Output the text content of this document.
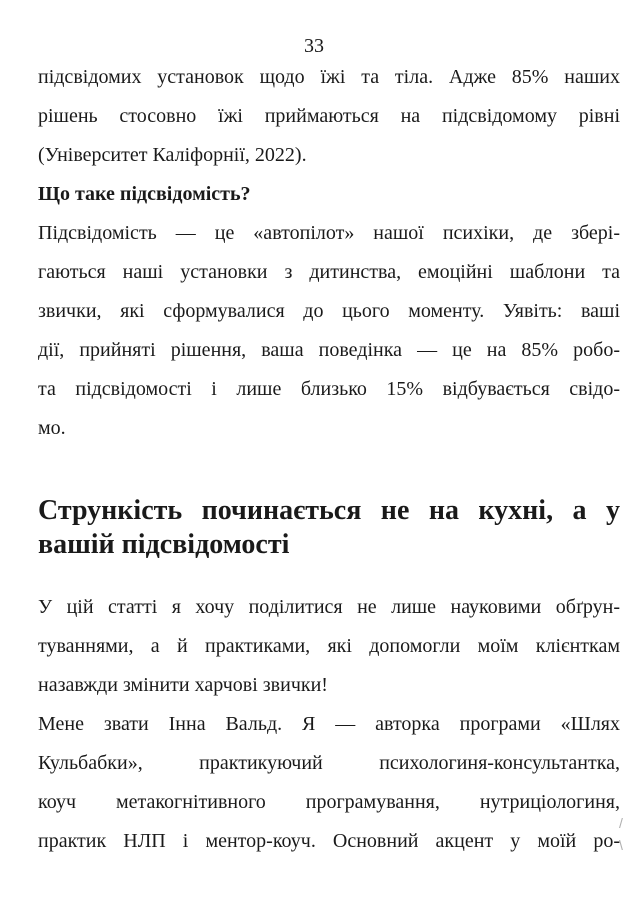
33

підсвідомих установок щодо їжі та тіла. Адже 85% наших

рішень стосовно їжі приймаються на підсвідомому рівні

(Університет Каліфорнії, 2022).

Що таке підсвідомість?

Підсвідомість — це «автопілот» нашої психіки, де збері-

гаються наші установки з дитинства, емоційні шаблони та

звички, які сформувалися до цього моменту. Уявіть: ваші

дії, прийняті рішення, ваша поведінка — це на 85% робо-

та підсвідомості і лише близько 15% відбувається свідо-

мо.

Стрункість починається не на кухні, а у
вашій підсвідомості

У цій статті я хочу поділитися не лише науковими обґрун-

туваннями, а й практиками, які допомогли моїм клієнткам

назавжди змінити харчові звички!

Мене звати Інна Вальд. Я — авторка програми «Шлях

Кульбабки», практикуючий психологиня-консультантка,

коуч метакогнітивного програмування, нутриціологиня,

практик НЛП і ментор-коуч. Основний акцент у моїй ро-

/
\
